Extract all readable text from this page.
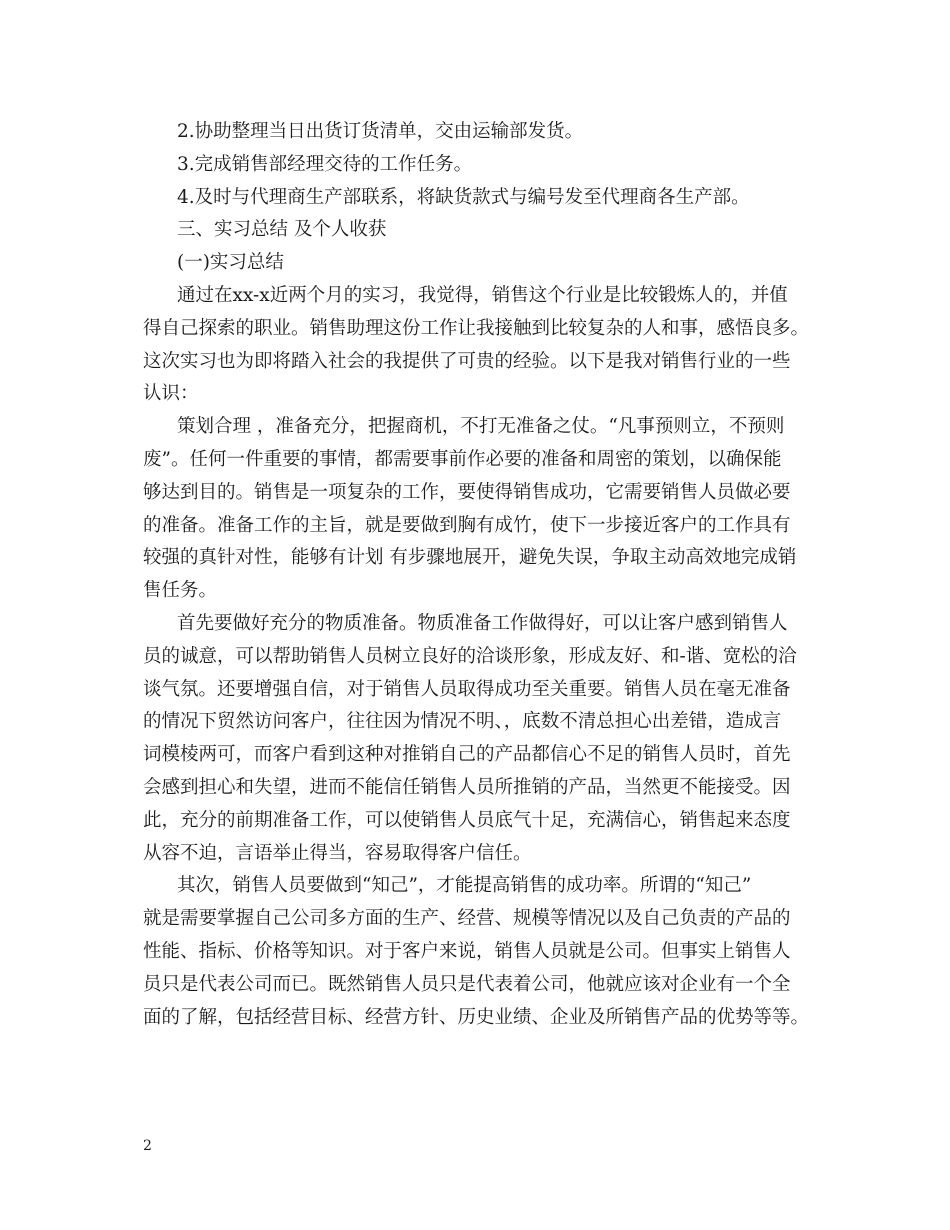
2.协助整理当日出货订货清单，交由运输部发货。
3.完成销售部经理交待的工作任务。
4.及时与代理商生产部联系，将缺货款式与编号发至代理商各生产部。
三、实习总结 及个人收获
(一)实习总结
通过在xx-x近两个月的实习，我觉得，销售这个行业是比较锻炼人的，并值
得自己探索的职业。销售助理这份工作让我接触到比较复杂的人和事，感悟良多。
这次实习也为即将踏入社会的我提供了可贵的经验。以下是我对销售行业的一些
认识：
策划合理 ，准备充分，把握商机，不打无准备之仗。“凡事预则立，不预则
废”。任何一件重要的事情，都需要事前作必要的准备和周密的策划，以确保能
够达到目的。销售是一项复杂的工作，要使得销售成功，它需要销售人员做必要
的准备。准备工作的主旨，就是要做到胸有成竹，使下一步接近客户的工作具有
较强的真针对性，能够有计划 有步骤地展开，避免失误，争取主动高效地完成销
售任务。
首先要做好充分的物质准备。物质准备工作做得好，可以让客户感到销售人
员的诚意，可以帮助销售人员树立良好的洽谈形象，形成友好、和-谐、宽松的洽
谈气氛。还要增强自信，对于销售人员取得成功至关重要。销售人员在毫无准备
的情况下贸然访问客户，往往因为情况不明、，底数不清总担心出差错，造成言
词模棱两可，而客户看到这种对推销自己的产品都信心不足的销售人员时，首先
会感到担心和失望，进而不能信任销售人员所推销的产品，当然更不能接受。因
此，充分的前期准备工作，可以使销售人员底气十足，充满信心，销售起来态度
从容不迫，言语举止得当，容易取得客户信任。
其次，销售人员要做到“知己”，才能提高销售的成功率。所谓的“知己”
就是需要掌握自己公司多方面的生产、经营、规模等情况以及自己负责的产品的
性能、指标、价格等知识。对于客户来说，销售人员就是公司。但事实上销售人
员只是代表公司而已。既然销售人员只是代表着公司，他就应该对企业有一个全
面的了解，包括经营目标、经营方针、历史业绩、企业及所销售产品的优势等等。
2
